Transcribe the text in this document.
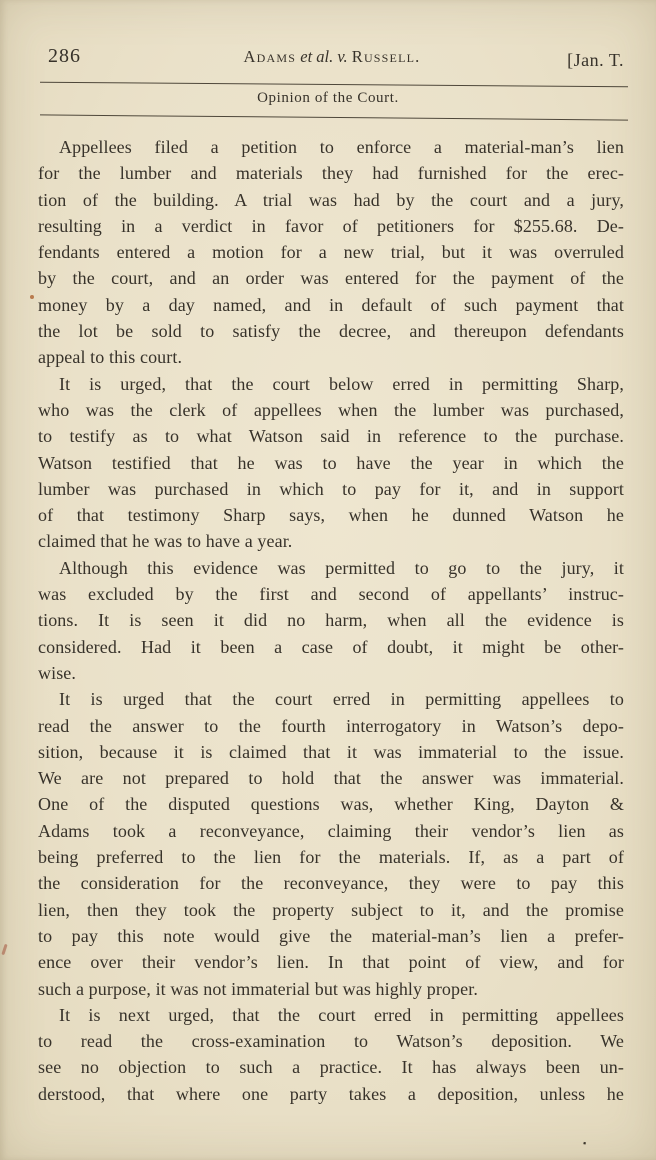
286	Adams et al. v. Russell.	[Jan. T.
Opinion of the Court.
Appellees filed a petition to enforce a material-man’s lien
for the lumber and materials they had furnished for the erec-
tion of the building. A trial was had by the court and a jury,
resulting in a verdict in favor of petitioners for $255.68. De-
fendants entered a motion for a new trial, but it was overruled
by the court, and an order was entered for the payment of the
money by a day named, and in default of such payment that
the lot be sold to satisfy the decree, and thereupon defendants
appeal to this court.
It is urged, that the court below erred in permitting Sharp,
who was the clerk of appellees when the lumber was purchased,
to testify as to what Watson said in reference to the purchase.
Watson testified that he was to have the year in which the
lumber was purchased in which to pay for it, and in support
of that testimony Sharp says, when he dunned Watson he
claimed that he was to have a year.
Although this evidence was permitted to go to the jury, it
was excluded by the first and second of appellants’ instruc-
tions. It is seen it did no harm, when all the evidence is
considered. Had it been a case of doubt, it might be other-
wise.
It is urged that the court erred in permitting appellees to
read the answer to the fourth interrogatory in Watson’s depo-
sition, because it is claimed that it was immaterial to the issue.
We are not prepared to hold that the answer was immaterial.
One of the disputed questions was, whether King, Dayton &
Adams took a reconveyance, claiming their vendor’s lien as
being preferred to the lien for the materials. If, as a part of
the consideration for the reconveyance, they were to pay this
lien, then they took the property subject to it, and the promise
to pay this note would give the material-man’s lien a prefer-
ence over their vendor’s lien. In that point of view, and for
such a purpose, it was not immaterial but was highly proper.
It is next urged, that the court erred in permitting appellees
to read the cross-examination to Watson’s deposition. We
see no objection to such a practice. It has always been un-
derstood, that where one party takes a deposition, unless he
▪
